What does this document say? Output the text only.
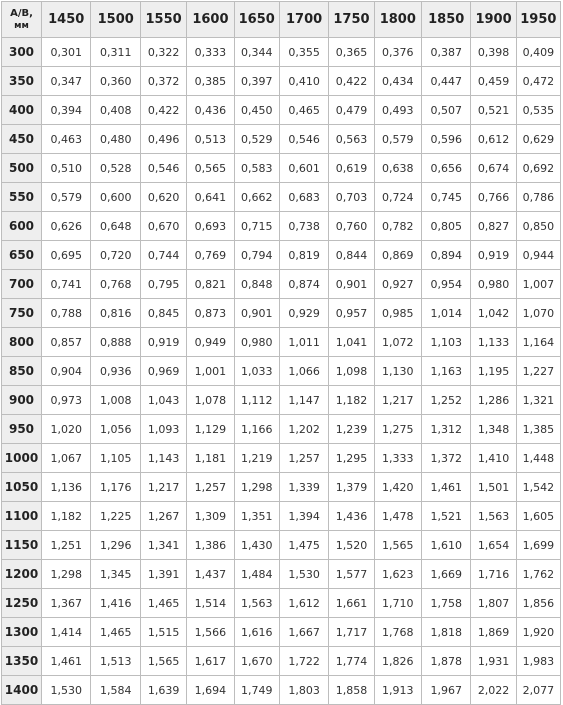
A/B,
мм	1450	1500	1550	1600	1650	1700	1750	1800	1850	1900	1950
300	0,301	0,311	0,322	0,333	0,344	0,355	0,365	0,376	0,387	0,398	0,409
350	0,347	0,360	0,372	0,385	0,397	0,410	0,422	0,434	0,447	0,459	0,472
400	0,394	0,408	0,422	0,436	0,450	0,465	0,479	0,493	0,507	0,521	0,535
450	0,463	0,480	0,496	0,513	0,529	0,546	0,563	0,579	0,596	0,612	0,629
500	0,510	0,528	0,546	0,565	0,583	0,601	0,619	0,638	0,656	0,674	0,692
550	0,579	0,600	0,620	0,641	0,662	0,683	0,703	0,724	0,745	0,766	0,786
600	0,626	0,648	0,670	0,693	0,715	0,738	0,760	0,782	0,805	0,827	0,850
650	0,695	0,720	0,744	0,769	0,794	0,819	0,844	0,869	0,894	0,919	0,944
700	0,741	0,768	0,795	0,821	0,848	0,874	0,901	0,927	0,954	0,980	1,007
750	0,788	0,816	0,845	0,873	0,901	0,929	0,957	0,985	1,014	1,042	1,070
800	0,857	0,888	0,919	0,949	0,980	1,011	1,041	1,072	1,103	1,133	1,164
850	0,904	0,936	0,969	1,001	1,033	1,066	1,098	1,130	1,163	1,195	1,227
900	0,973	1,008	1,043	1,078	1,112	1,147	1,182	1,217	1,252	1,286	1,321
950	1,020	1,056	1,093	1,129	1,166	1,202	1,239	1,275	1,312	1,348	1,385
1000	1,067	1,105	1,143	1,181	1,219	1,257	1,295	1,333	1,372	1,410	1,448
1050	1,136	1,176	1,217	1,257	1,298	1,339	1,379	1,420	1,461	1,501	1,542
1100	1,182	1,225	1,267	1,309	1,351	1,394	1,436	1,478	1,521	1,563	1,605
1150	1,251	1,296	1,341	1,386	1,430	1,475	1,520	1,565	1,610	1,654	1,699
1200	1,298	1,345	1,391	1,437	1,484	1,530	1,577	1,623	1,669	1,716	1,762
1250	1,367	1,416	1,465	1,514	1,563	1,612	1,661	1,710	1,758	1,807	1,856
1300	1,414	1,465	1,515	1,566	1,616	1,667	1,717	1,768	1,818	1,869	1,920
1350	1,461	1,513	1,565	1,617	1,670	1,722	1,774	1,826	1,878	1,931	1,983
1400	1,530	1,584	1,639	1,694	1,749	1,803	1,858	1,913	1,967	2,022	2,077
